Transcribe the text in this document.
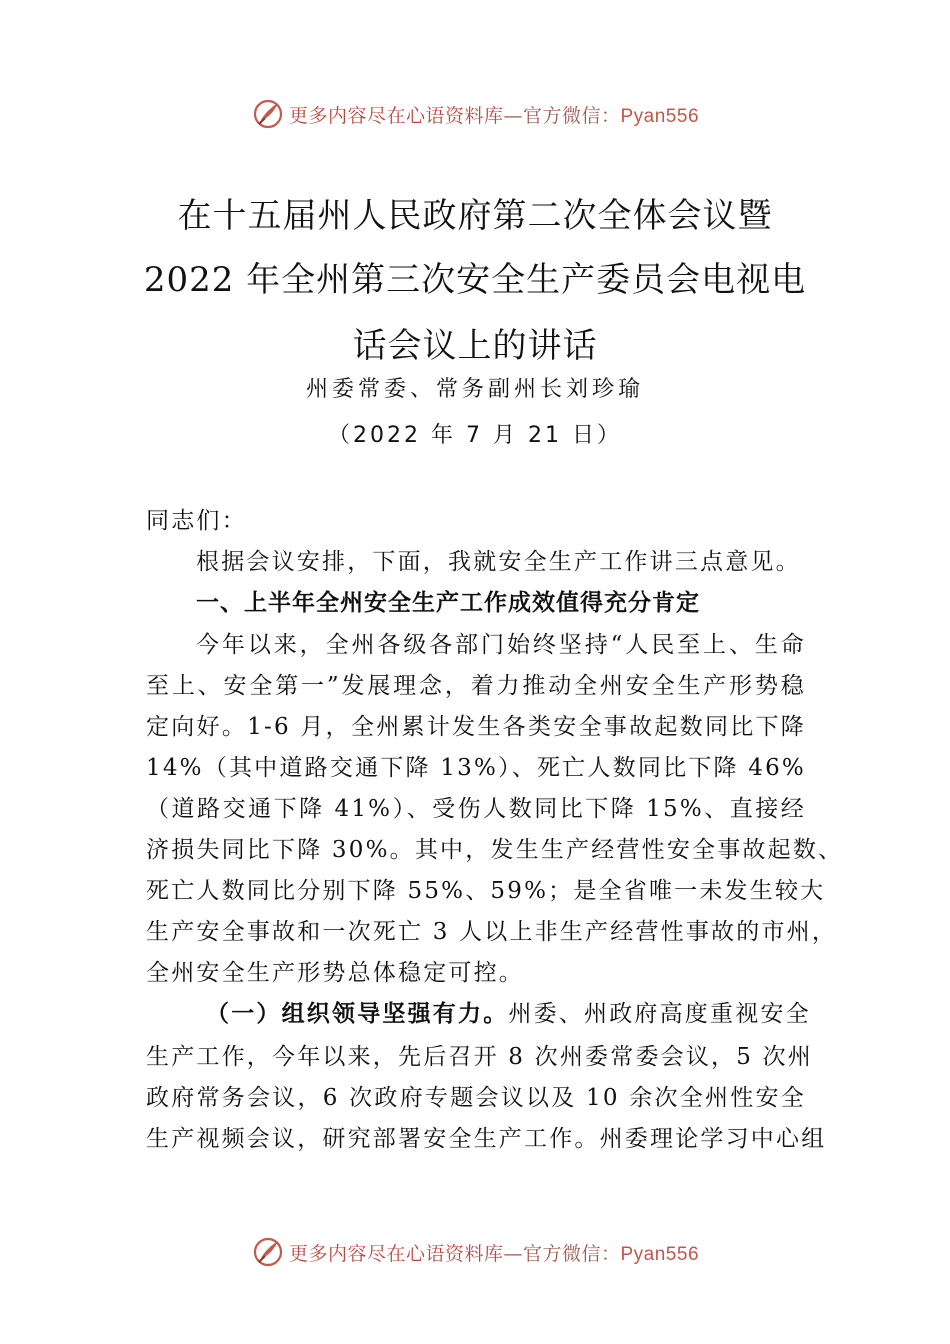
更多内容尽在心语资料库—官方微信：Pyan556
在十五届州人民政府第二次全体会议暨
2022 年全州第三次安全生产委员会电视电
话会议上的讲话
州委常委、常务副州长刘珍瑜
（2022 年 7 月 21 日）
同志们：
根据会议安排，下面，我就安全生产工作讲三点意见。
一、上半年全州安全生产工作成效值得充分肯定
今年以来，全州各级各部门始终坚持“人民至上、生命
至上、安全第一”发展理念，着力推动全州安全生产形势稳
定向好。1-6 月，全州累计发生各类安全事故起数同比下降
14%（其中道路交通下降 13%）、死亡人数同比下降 46%
（道路交通下降 41%）、受伤人数同比下降 15%、直接经
济损失同比下降 30%。其中，发生生产经营性安全事故起数、
死亡人数同比分别下降 55%、59%；是全省唯一未发生较大
生产安全事故和一次死亡 3 人以上非生产经营性事故的市州，
全州安全生产形势总体稳定可控。
（一）组织领导坚强有力。州委、州政府高度重视安全
生产工作，今年以来，先后召开 8 次州委常委会议，5 次州
政府常务会议，6 次政府专题会议以及 10 余次全州性安全
生产视频会议，研究部署安全生产工作。州委理论学习中心组
更多内容尽在心语资料库—官方微信：Pyan556
